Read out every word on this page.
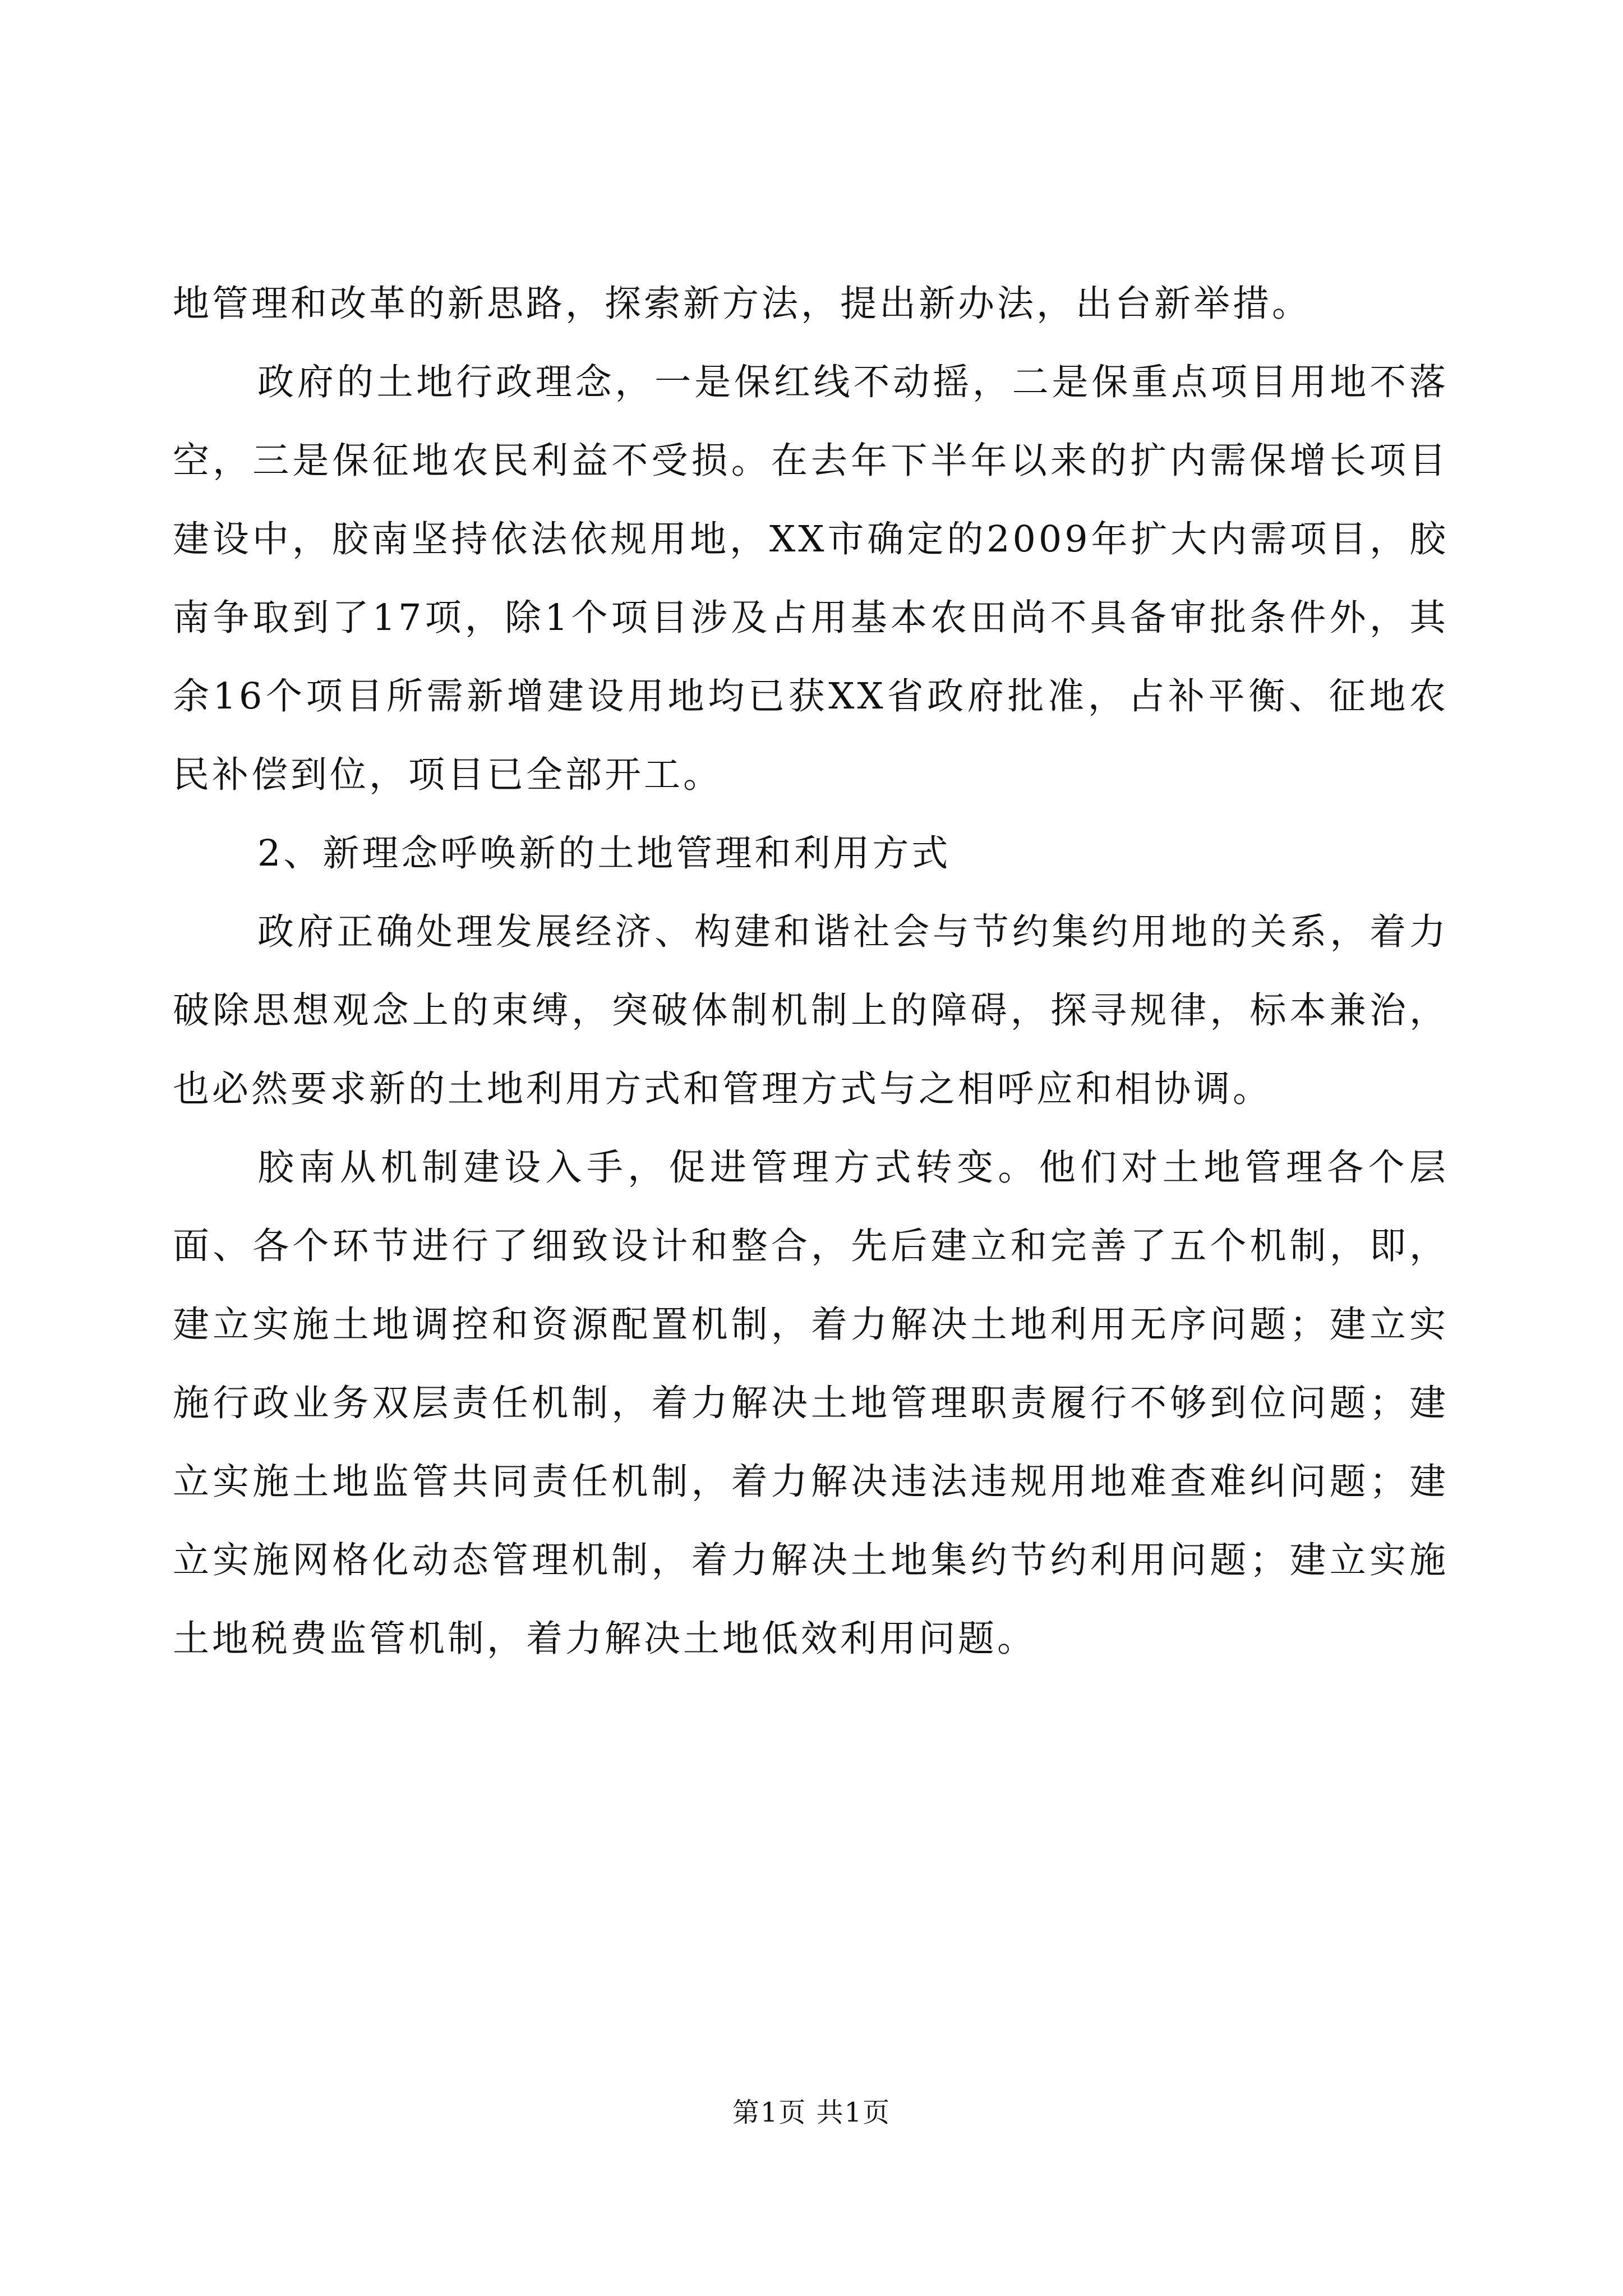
地管理和改革的新思路，探索新方法，提出新办法，出台新举措。

政府的土地行政理念，一是保红线不动摇，二是保重点项目用地不落空，三是保征地农民利益不受损。在去年下半年以来的扩内需保增长项目建设中，胶南坚持依法依规用地，XX市确定的2009年扩大内需项目，胶南争取到了17项，除1个项目涉及占用基本农田尚不具备审批条件外，其余16个项目所需新增建设用地均已获XX省政府批准，占补平衡、征地农民补偿到位，项目已全部开工。

2、新理念呼唤新的土地管理和利用方式

政府正确处理发展经济、构建和谐社会与节约集约用地的关系，着力破除思想观念上的束缚，突破体制机制上的障碍，探寻规律，标本兼治，也必然要求新的土地利用方式和管理方式与之相呼应和相协调。

胶南从机制建设入手，促进管理方式转变。他们对土地管理各个层面、各个环节进行了细致设计和整合，先后建立和完善了五个机制，即，建立实施土地调控和资源配置机制，着力解决土地利用无序问题；建立实施行政业务双层责任机制，着力解决土地管理职责履行不够到位问题；建立实施土地监管共同责任机制，着力解决违法违规用地难查难纠问题；建立实施网格化动态管理机制，着力解决土地集约节约利用问题；建立实施土地税费监管机制，着力解决土地低效利用问题。

第1页 共1页
